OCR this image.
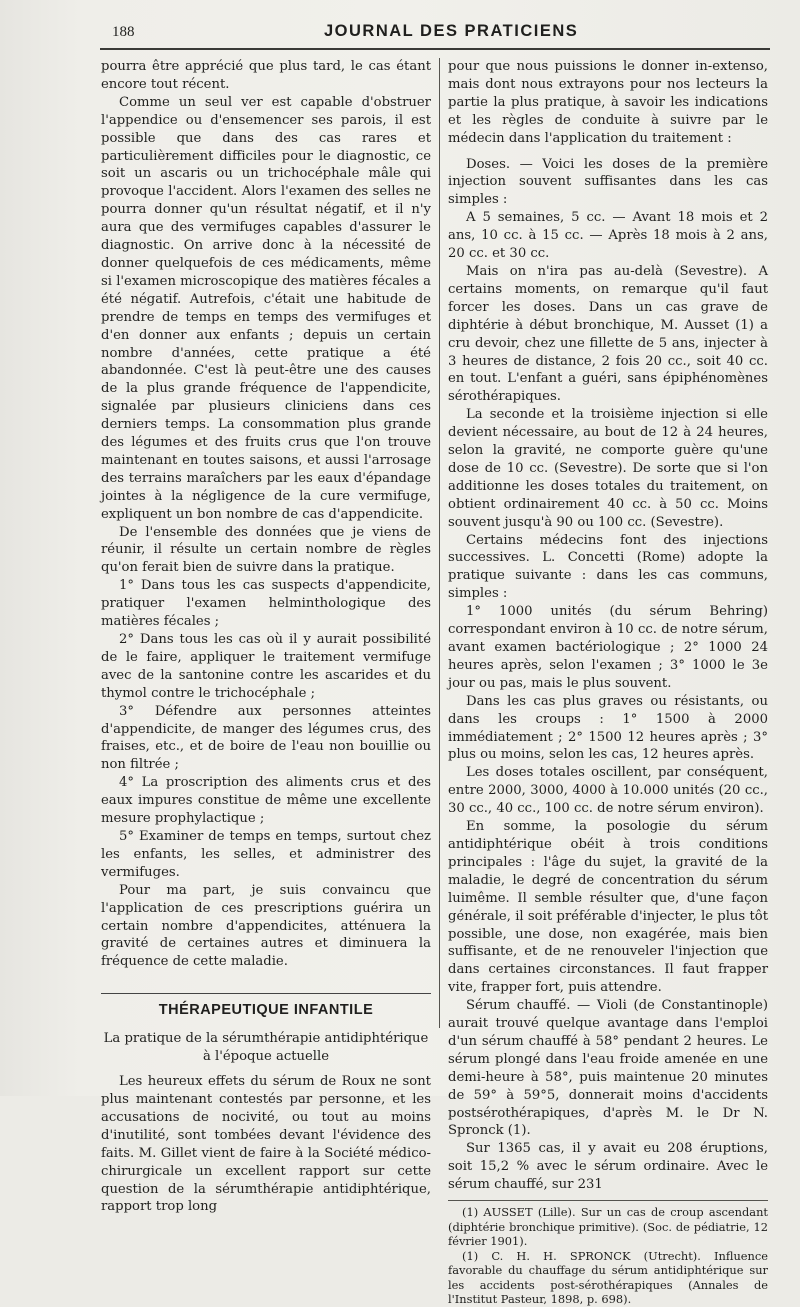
188	JOURNAL DES PRATICIENS

pourra être apprécié que plus tard, le cas étant encore tout récent.

Comme un seul ver est capable d'obstruer l'appendice ou d'ensemencer ses parois, il est possible que dans des cas rares et particulièrement difficiles pour le diagnostic, ce soit un ascaris ou un trichocéphale mâle qui provoque l'accident. Alors l'examen des selles ne pourra donner qu'un résultat négatif, et il n'y aura que des vermifuges capables d'assurer le diagnostic. On arrive donc à la nécessité de donner quelquefois de ces médicaments, même si l'examen microscopique des matières fécales a été négatif. Autrefois, c'était une habitude de prendre de temps en temps des vermifuges et d'en donner aux enfants ; depuis un certain nombre d'années, cette pratique a été abandonnée. C'est là peut-être une des causes de la plus grande fréquence de l'appendicite, signalée par plusieurs cliniciens dans ces derniers temps. La consommation plus grande des légumes et des fruits crus que l'on trouve maintenant en toutes saisons, et aussi l'arrosage des terrains maraîchers par les eaux d'épandage jointes à la négligence de la cure vermifuge, expliquent un bon nombre de cas d'appendicite.

De l'ensemble des données que je viens de réunir, il résulte un certain nombre de règles qu'on ferait bien de suivre dans la pratique.

1° Dans tous les cas suspects d'appendicite, pratiquer l'examen helminthologique des matières fécales ;

2° Dans tous les cas où il y aurait possibilité de le faire, appliquer le traitement vermifuge avec de la santonine contre les ascarides et du thymol contre le trichocéphale ;

3° Défendre aux personnes atteintes d'appendicite, de manger des légumes crus, des fraises, etc., et de boire de l'eau non bouillie ou non filtrée ;

4° La proscription des aliments crus et des eaux impures constitue de même une excellente mesure prophylactique ;

5° Examiner de temps en temps, surtout chez les enfants, les selles, et administrer des vermifuges.

Pour ma part, je suis convaincu que l'application de ces prescriptions guérira un certain nombre d'appendicites, atténuera la gravité de certaines autres et diminuera la fréquence de cette maladie.

THÉRAPEUTIQUE INFANTILE
La pratique de la sérumthérapie antidiphtérique à l'époque actuelle

Les heureux effets du sérum de Roux ne sont plus maintenant contestés par personne, et les accusations de nocivité, ou tout au moins d'inutilité, sont tombées devant l'évidence des faits. M. Gillet vient de faire à la Société médico-chirurgicale un excellent rapport sur cette question de la sérumthérapie antidiphtérique, rapport trop long

pour que nous puissions le donner in-extenso, mais dont nous extrayons pour nos lecteurs la partie la plus pratique, à savoir les indications et les règles de conduite à suivre par le médecin dans l'application du traitement :

Doses. — Voici les doses de la première injection souvent suffisantes dans les cas simples :

A 5 semaines, 5 cc. — Avant 18 mois et 2 ans, 10 cc. à 15 cc. — Après 18 mois à 2 ans, 20 cc. et 30 cc.

Mais on n'ira pas au-delà (Sevestre). A certains moments, on remarque qu'il faut forcer les doses. Dans un cas grave de diphtérie à début bronchique, M. Ausset (1) a cru devoir, chez une fillette de 5 ans, injecter à 3 heures de distance, 2 fois 20 cc., soit 40 cc. en tout. L'enfant a guéri, sans épiphénomènes sérothérapiques.

La seconde et la troisième injection si elle devient nécessaire, au bout de 12 à 24 heures, selon la gravité, ne comporte guère qu'une dose de 10 cc. (Sevestre). De sorte que si l'on additionne les doses totales du traitement, on obtient ordinairement 40 cc. à 50 cc. Moins souvent jusqu'à 90 ou 100 cc. (Sevestre).

Certains médecins font des injections successives. L. Concetti (Rome) adopte la pratique suivante : dans les cas communs, simples :

1° 1000 unités (du sérum Behring) correspondant environ à 10 cc. de notre sérum, avant examen bactériologique ; 2° 1000 24 heures après, selon l'examen ; 3° 1000 le 3e jour ou pas, mais le plus souvent.

Dans les cas plus graves ou résistants, ou dans les croups : 1° 1500 à 2000 immédiatement ; 2° 1500 12 heures après ; 3° plus ou moins, selon les cas, 12 heures après.

Les doses totales oscillent, par conséquent, entre 2000, 3000, 4000 à 10.000 unités (20 cc., 30 cc., 40 cc., 100 cc. de notre sérum environ).

En somme, la posologie du sérum antidiphtérique obéit à trois conditions principales : l'âge du sujet, la gravité de la maladie, le degré de concentration du sérum luimême. Il semble résulter que, d'une façon générale, il soit préférable d'injecter, le plus tôt possible, une dose, non exagérée, mais bien suffisante, et de ne renouveler l'injection que dans certaines circonstances. Il faut frapper vite, frapper fort, puis attendre.

Sérum chauffé. — Violi (de Constantinople) aurait trouvé quelque avantage dans l'emploi d'un sérum chauffé à 58° pendant 2 heures. Le sérum plongé dans l'eau froide amenée en une demi-heure à 58°, puis maintenue 20 minutes de 59° à 59°5, donnerait moins d'accidents postsérothérapiques, d'après M. le Dr N. Spronck (1).

Sur 1365 cas, il y avait eu 208 éruptions, soit 15,2 % avec le sérum ordinaire. Avec le sérum chauffé, sur 231

(1) AUSSET (Lille). Sur un cas de croup ascendant (diphtérie bronchique primitive). (Soc. de pédiatrie, 12 février 1901).

(1) C. H. H. SPRONCK (Utrecht). Influence favorable du chauffage du sérum antidiphtérique sur les accidents post-sérothérapiques (Annales de l'Institut Pasteur, 1898, p. 698).
